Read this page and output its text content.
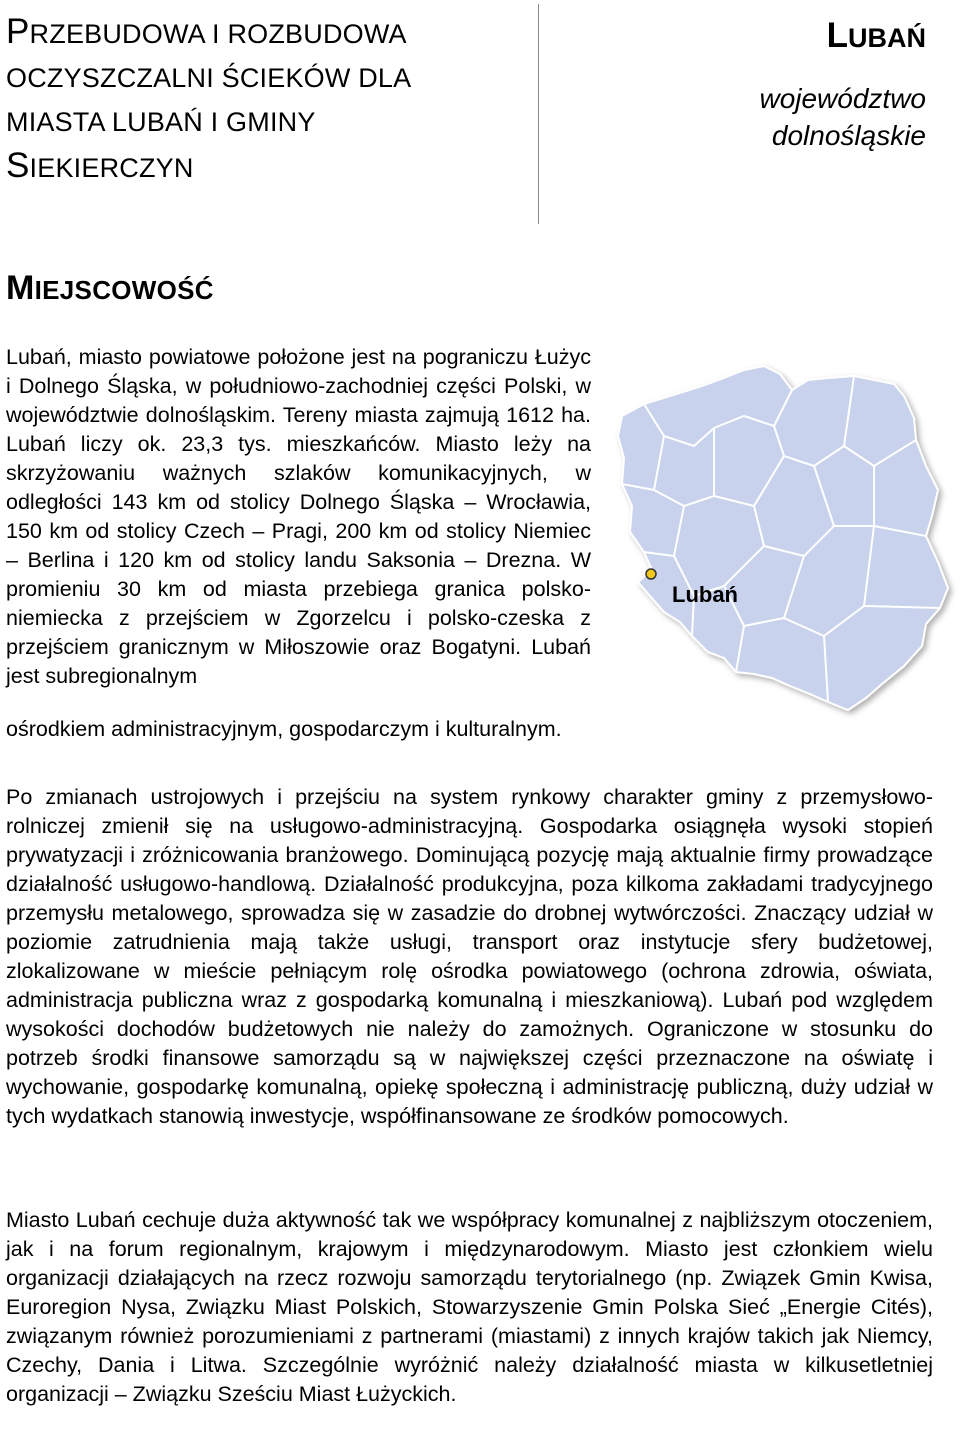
PRZEBUDOWA I ROZBUDOWA
OCZYSZCZALNI ŚCIEKÓW DLA
MIASTA LUBAŃ I GMINY
SIEKIERCZYN
LUBAŃ
województwo
dolnośląskie
MIEJSCOWOŚĆ
Lubań, miasto powiatowe położone jest na pograniczu Łużyc i Dolnego Śląska, w południowo-zachodniej części Polski, w województwie dolnośląskim. Tereny miasta zajmują 1612 ha. Lubań liczy ok. 23,3 tys. mieszkańców. Miasto leży na skrzyżowaniu ważnych szlaków komunikacyjnych, w odległości 143 km od stolicy Dolnego Śląska – Wrocławia, 150 km od stolicy Czech – Pragi, 200 km od stolicy Niemiec – Berlina i 120 km od stolicy landu Saksonia – Drezna. W promieniu 30 km od miasta przebiega granica polsko-niemiecka z przejściem w Zgorzelcu i polsko-czeska z przejściem granicznym w Miłoszowie oraz Bogatyni. Lubań jest subregionalnym
ośrodkiem administracyjnym, gospodarczym i kulturalnym.
Lubań
Po zmianach ustrojowych i przejściu na system rynkowy charakter gminy z przemysłowo-rolniczej zmienił się na usługowo-administracyjną. Gospodarka osiągnęła wysoki stopień prywatyzacji i zróżnicowania branżowego. Dominującą pozycję mają aktualnie firmy prowadzące działalność usługowo-handlową. Działalność produkcyjna, poza kilkoma zakładami tradycyjnego przemysłu metalowego, sprowadza się w zasadzie do drobnej wytwórczości. Znaczący udział w poziomie zatrudnienia mają także usługi, transport oraz instytucje sfery budżetowej, zlokalizowane w mieście pełniącym rolę ośrodka powiatowego (ochrona zdrowia, oświata, administracja publiczna wraz z gospodarką komunalną i mieszkaniową). Lubań pod względem wysokości dochodów budżetowych nie należy do zamożnych. Ograniczone w stosunku do potrzeb środki finansowe samorządu są w największej części przeznaczone na oświatę i wychowanie, gospodarkę komunalną, opiekę społeczną i administrację publiczną, duży udział w tych wydatkach stanowią inwestycje, współfinansowane ze środków pomocowych.
Miasto Lubań cechuje duża aktywność tak we współpracy komunalnej z najbliższym otoczeniem, jak i na forum regionalnym, krajowym i międzynarodowym. Miasto jest członkiem wielu organizacji działających na rzecz rozwoju samorządu terytorialnego (np. Związek Gmin Kwisa, Euroregion Nysa, Związku Miast Polskich, Stowarzyszenie Gmin Polska Sieć „Energie Cités), związanym również porozumieniami z partnerami (miastami) z innych krajów takich jak Niemcy, Czechy, Dania i Litwa. Szczególnie wyróżnić należy działalność miasta w kilkusetletniej organizacji – Związku Sześciu Miast Łużyckich.
